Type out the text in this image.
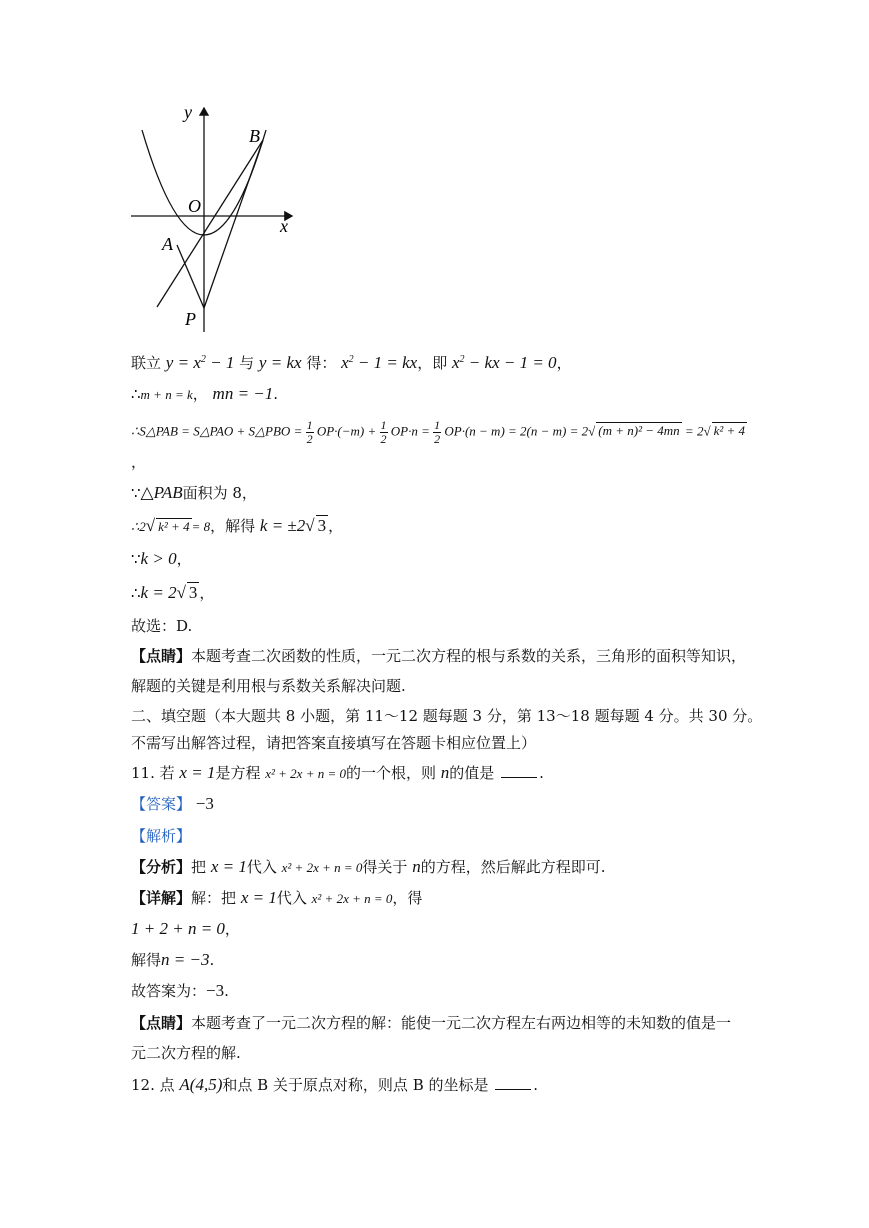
y
B
O
x
A
P
联立 $y = x^2 - 1$ 与 y = kx 得： $x^2 - 1$ = kx，即 $x^2$ − kx − 1 = 0，
∴m + n = k， mn = −1.
∴S△PAB = S△PAO + S△PBO = $\frac{1}{2} OP\cdot(-m) + \frac{1}{2} OP\cdot n = \frac{1}{2} OP\cdot(n - m) = 2(n - m) = 2√$ (m + n)² − 4mn = 2√ k² + 4
，
∵△PAB面积为 8，
∴2√ k² + 4 = 8，解得 k = ±2√ 3 ，
∵k > 0，
∴k = 2√ 3 ，
故选：D.
【点睛】本题考查二次函数的性质，一元二次方程的根与系数的关系，三角形的面积等知识，
解题的关键是利用根与系数关系解决问题.
二、填空题（本大题共 8 小题，第 11～12 题每题 3 分，第 13～18 题每题 4 分。共 30 分。
不需写出解答过程，请把答案直接填写在答题卡相应位置上）
11. 若 x = 1是方程 x² + 2x + n = 0的一个根，则 n的值是	.
【答案】 −3
【解析】
【分析】把 x = 1代入 x² + 2x + n = 0得关于 n的方程，然后解此方程即可.
【详解】解：把 x = 1代入 x² + 2x + n = 0，得
1 + 2 + n = 0，
解得n = −3.
故答案为：−3.
【点睛】本题考查了一元二次方程的解：能使一元二次方程左右两边相等的未知数的值是一
元二次方程的解.
12. 点 A(4,5)和点 B 关于原点对称，则点 B 的坐标是	.
